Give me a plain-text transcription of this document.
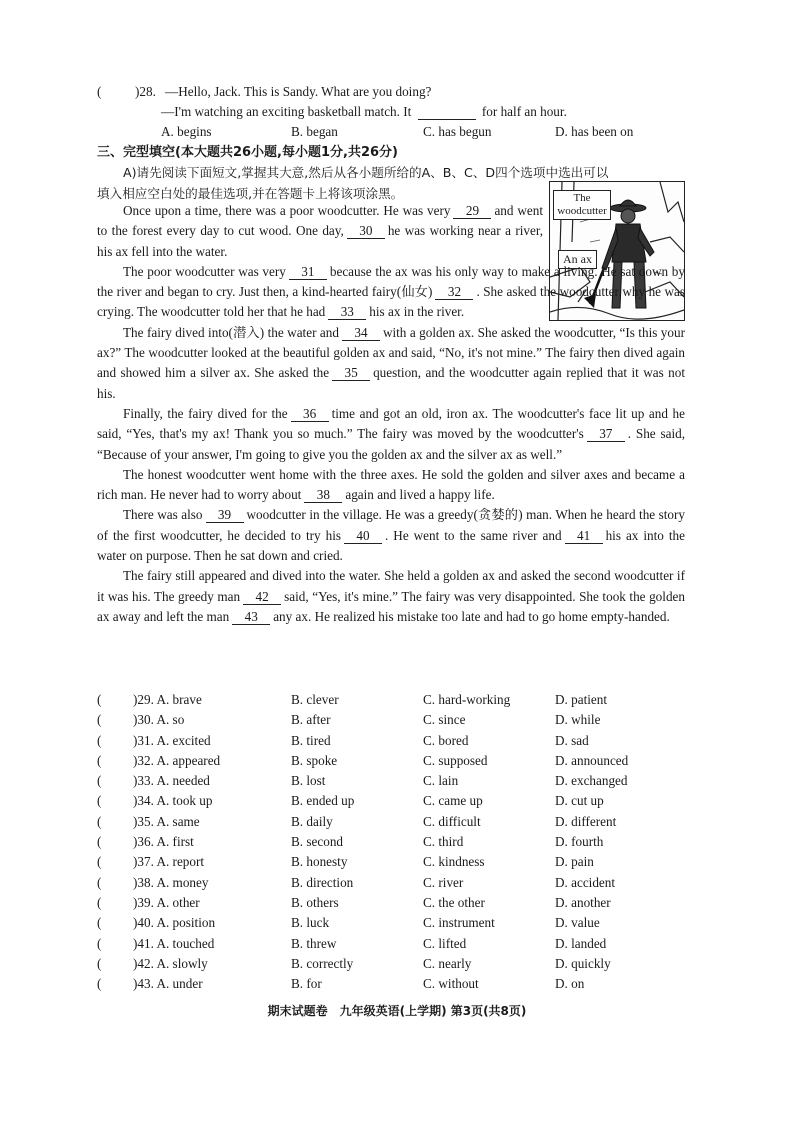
(	)28. —Hello, Jack. This is Sandy. What are you doing?
—I'm watching an exciting basketball match. It	for half an hour.
A. begins	B. began	C. has begun	D. has been on
三、完型填空(本大题共26小题,每小题1分,共26分)
A)请先阅读下面短文,掌握其大意,然后从各小题所给的A、B、C、D四个选项中选出可以
填入相应空白处的最佳选项,并在答题卡上将该项涂黑。	The woodcutter
An ax

Once upon a time, there was a poor woodcutter. He was very 29 and went to the forest every day to cut wood. One day, 30 he was working near a river, his ax fell into the water.

The poor woodcutter was very 31 because the ax was his only way to make a living. He sat down by the river and began to cry. Just then, a kind-hearted fairy(仙女) 32 . She asked the woodcutter why he was crying. The woodcutter told her that he had 33 his ax in the river.

The fairy dived into(潜入) the water and 34 with a golden ax. She asked the woodcutter, “Is this your ax?” The woodcutter looked at the beautiful golden ax and said, “No, it's not mine.” The fairy then dived again and showed him a silver ax. She asked the 35 question, and the woodcutter again replied that it was not his.

Finally, the fairy dived for the 36 time and got an old, iron ax. The woodcutter's face lit up and he said, “Yes, that's my ax! Thank you so much.” The fairy was moved by the woodcutter's 37 . She said, “Because of your answer, I'm going to give you the golden ax and the silver ax as well.”

The honest woodcutter went home with the three axes. He sold the golden and silver axes and became a rich man. He never had to worry about 38 again and lived a happy life.

There was also 39 woodcutter in the village. He was a greedy(贪婪的) man. When he heard the story of the first woodcutter, he decided to try his 40 . He went to the same river and 41 his ax into the water on purpose. Then he sat down and cried.

The fairy still appeared and dived into the water. She held a golden ax and asked the second woodcutter if it was his. The greedy man 42 said, “Yes, it's mine.” The fairy was very disappointed. She took the golden ax away and left the man 43 any ax. He realized his mistake too late and had to go home empty-handed.

(	)29. A. brave	B. clever	C. hard-working	D. patient
(	)30. A. so	B. after	C. since	D. while
(	)31. A. excited	B. tired	C. bored	D. sad
(	)32. A. appeared	B. spoke	C. supposed	D. announced
(	)33. A. needed	B. lost	C. lain	D. exchanged
(	)34. A. took up	B. ended up	C. came up	D. cut up
(	)35. A. same	B. daily	C. difficult	D. different
(	)36. A. first	B. second	C. third	D. fourth
(	)37. A. report	B. honesty	C. kindness	D. pain
(	)38. A. money	B. direction	C. river	D. accident
(	)39. A. other	B. others	C. the other	D. another
(	)40. A. position	B. luck	C. instrument	D. value
(	)41. A. touched	B. threw	C. lifted	D. landed
(	)42. A. slowly	B. correctly	C. nearly	D. quickly
(	)43. A. under	B. for	C. without	D. on
期末试题卷　九年级英语(上学期) 第3页(共8页)
